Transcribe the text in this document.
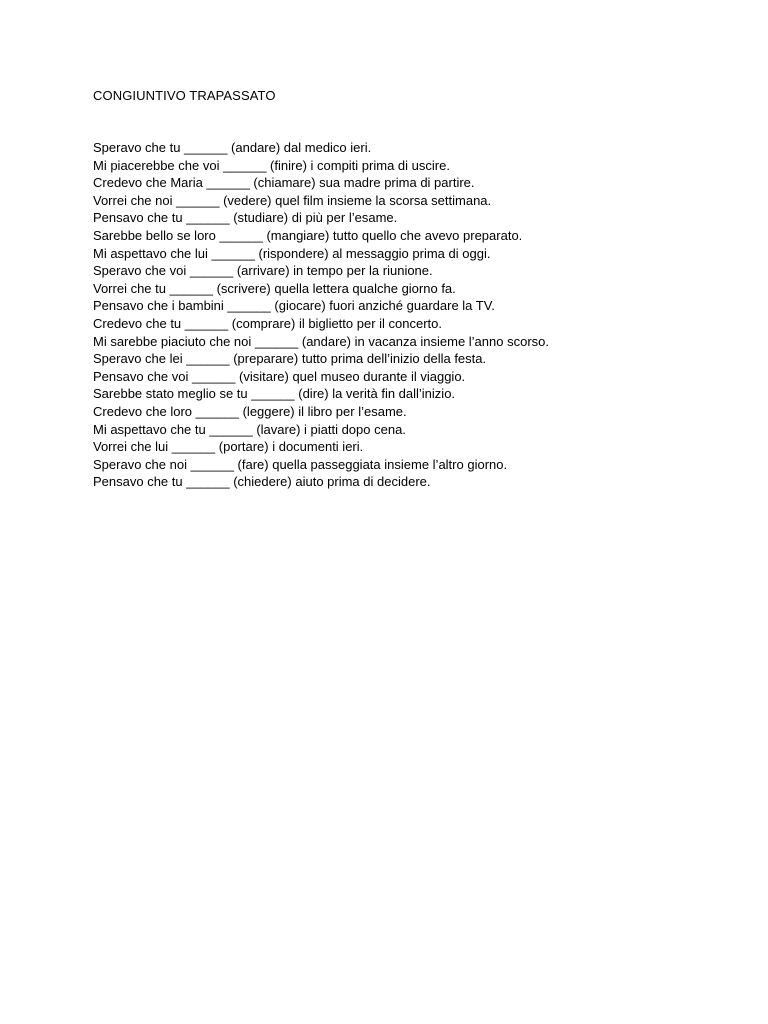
CONGIUNTIVO TRAPASSATO
Speravo che tu ______ (andare) dal medico ieri.
Mi piacerebbe che voi ______ (finire) i compiti prima di uscire.
Credevo che Maria ______ (chiamare) sua madre prima di partire.
Vorrei che noi ______ (vedere) quel film insieme la scorsa settimana.
Pensavo che tu ______ (studiare) di più per l’esame.
Sarebbe bello se loro ______ (mangiare) tutto quello che avevo preparato.
Mi aspettavo che lui ______ (rispondere) al messaggio prima di oggi.
Speravo che voi ______ (arrivare) in tempo per la riunione.
Vorrei che tu ______ (scrivere) quella lettera qualche giorno fa.
Pensavo che i bambini ______ (giocare) fuori anziché guardare la TV.
Credevo che tu ______ (comprare) il biglietto per il concerto.
Mi sarebbe piaciuto che noi ______ (andare) in vacanza insieme l’anno scorso.
Speravo che lei ______ (preparare) tutto prima dell’inizio della festa.
Pensavo che voi ______ (visitare) quel museo durante il viaggio.
Sarebbe stato meglio se tu ______ (dire) la verità fin dall’inizio.
Credevo che loro ______ (leggere) il libro per l’esame.
Mi aspettavo che tu ______ (lavare) i piatti dopo cena.
Vorrei che lui ______ (portare) i documenti ieri.
Speravo che noi ______ (fare) quella passeggiata insieme l’altro giorno.
Pensavo che tu ______ (chiedere) aiuto prima di decidere.
